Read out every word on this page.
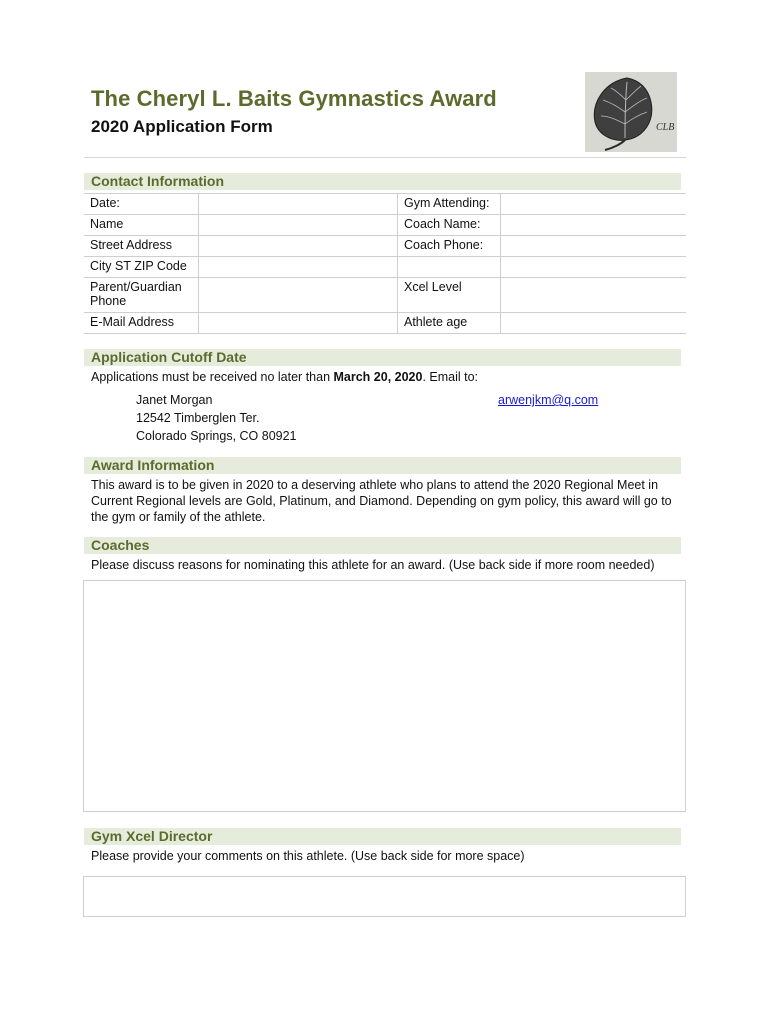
The Cheryl L. Baits Gymnastics Award
2020 Application Form	CLB
Contact Information
Date:		Gym Attending:	
Name		Coach Name:	
Street Address		Coach Phone:	
City ST ZIP Code			
Parent/Guardian Phone		Xcel Level	
E-Mail Address		Athlete age	
Application Cutoff Date
Applications must be received no later than March 20, 2020. Email to:
Janet Morgan
12542 Timberglen Ter.
Colorado Springs, CO 80921
arwenjkm@q.com
Award Information
This award is to be given in 2020 to a deserving athlete who plans to attend the 2020 Regional Meet in Current Regional levels are Gold, Platinum, and Diamond. Depending on gym policy, this award will go to the gym or family of the athlete.
Coaches
Please discuss reasons for nominating this athlete for an award. (Use back side if more room needed)
Gym Xcel Director
Please provide your comments on this athlete. (Use back side for more space)
